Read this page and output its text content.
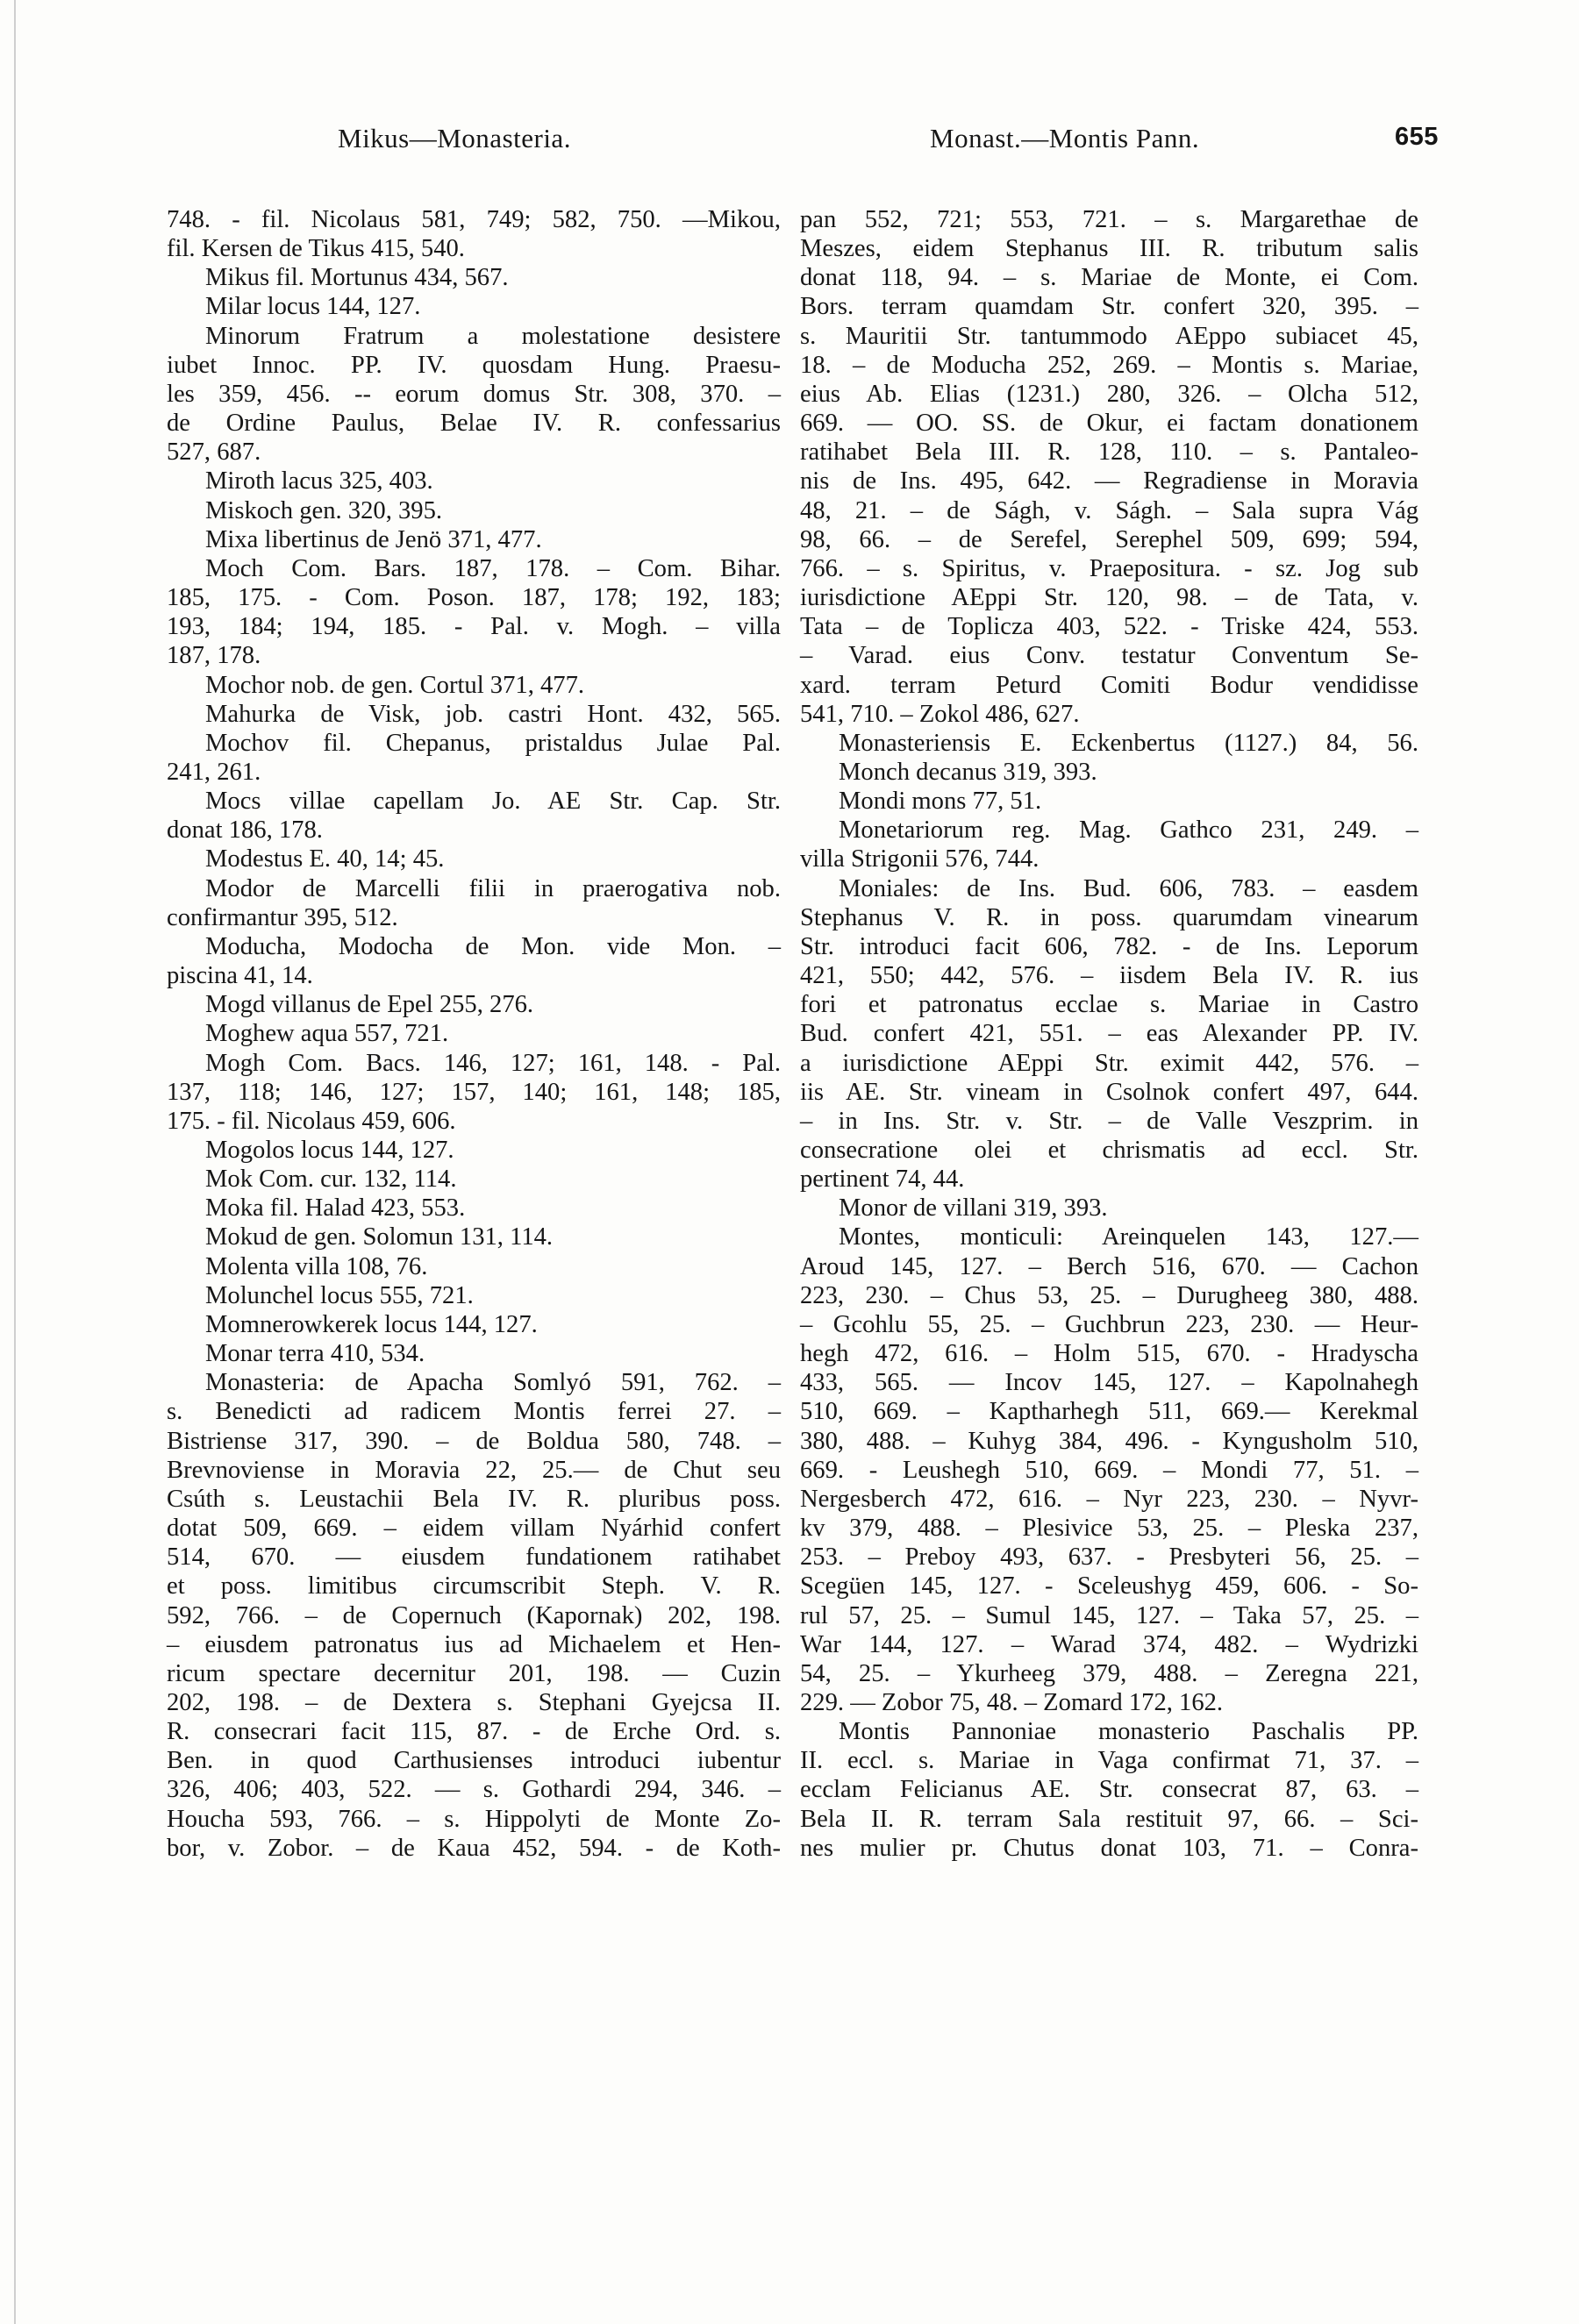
Mikus—Monasteria.	Monast.—Montis Pann.	655
748. - fil. Nicolaus 581, 749; 582, 750. —Mikou,
fil. Kersen de Tikus 415, 540.
Mikus fil. Mortunus 434, 567.
Milar locus 144, 127.
Minorum Fratrum a molestatione desistere
iubet Innoc. PP. IV. quosdam Hung. Praesu-
les 359, 456. -- eorum domus Str. 308, 370. –
de Ordine Paulus, Belae IV. R. confessarius
527, 687.
Miroth lacus 325, 403.
Miskoch gen. 320, 395.
Mixa libertinus de Jenö 371, 477.
Moch Com. Bars. 187, 178. – Com. Bihar.
185, 175. - Com. Poson. 187, 178; 192, 183;
193, 184; 194, 185. - Pal. v. Mogh. – villa
187, 178.
Mochor nob. de gen. Cortul 371, 477.
Mahurka de Visk, job. castri Hont. 432, 565.
Mochov fil. Chepanus, pristaldus Julae Pal.
241, 261.
Mocs villae capellam Jo. AE Str. Cap. Str.
donat 186, 178.
Modestus E. 40, 14; 45.
Modor de Marcelli filii in praerogativa nob.
confirmantur 395, 512.
Moducha, Modocha de Mon. vide Mon. –
piscina 41, 14.
Mogd villanus de Epel 255, 276.
Moghew aqua 557, 721.
Mogh Com. Bacs. 146, 127; 161, 148. - Pal.
137, 118; 146, 127; 157, 140; 161, 148; 185,
175. - fil. Nicolaus 459, 606.
Mogolos locus 144, 127.
Mok Com. cur. 132, 114.
Moka fil. Halad 423, 553.
Mokud de gen. Solomun 131, 114.
Molenta villa 108, 76.
Molunchel locus 555, 721.
Momnerowkerek locus 144, 127.
Monar terra 410, 534.
Monasteria: de Apacha Somlyó 591, 762. –
s. Benedicti ad radicem Montis ferrei 27. –
Bistriense 317, 390. – de Boldua 580, 748. –
Brevnoviense in Moravia 22, 25.— de Chut seu
Csúth s. Leustachii Bela IV. R. pluribus poss.
dotat 509, 669. – eidem villam Nyárhid confert
514, 670. — eiusdem fundationem ratihabet
et poss. limitibus circumscribit Steph. V. R.
592, 766. – de Copernuch (Kapornak) 202, 198.
– eiusdem patronatus ius ad Michaelem et Hen-
ricum spectare decernitur 201, 198. — Cuzin
202, 198. – de Dextera s. Stephani Gyejcsa II.
R. consecrari facit 115, 87. - de Erche Ord. s.
Ben. in quod Carthusienses introduci iubentur
326, 406; 403, 522. — s. Gothardi 294, 346. –
Houcha 593, 766. – s. Hippolyti de Monte Zo-
bor, v. Zobor. – de Kaua 452, 594. - de Koth-
pan 552, 721; 553, 721. – s. Margarethae de
Meszes, eidem Stephanus III. R. tributum salis
donat 118, 94. – s. Mariae de Monte, ei Com.
Bors. terram quamdam Str. confert 320, 395. –
s. Mauritii Str. tantummodo AEppo subiacet 45,
18. – de Moducha 252, 269. – Montis s. Mariae,
eius Ab. Elias (1231.) 280, 326. – Olcha 512,
669. — OO. SS. de Okur, ei factam donationem
ratihabet Bela III. R. 128, 110. – s. Pantaleo-
nis de Ins. 495, 642. — Regradiense in Moravia
48, 21. – de Ságh, v. Ságh. – Sala supra Vág
98, 66. – de Serefel, Serephel 509, 699; 594,
766. – s. Spiritus, v. Praepositura. - sz. Jog sub
iurisdictione AEppi Str. 120, 98. – de Tata, v.
Tata – de Toplicza 403, 522. - Triske 424, 553.
– Varad. eius Conv. testatur Conventum Se-
xard. terram Peturd Comiti Bodur vendidisse
541, 710. – Zokol 486, 627.
Monasteriensis E. Eckenbertus (1127.) 84, 56.
Monch decanus 319, 393.
Mondi mons 77, 51.
Monetariorum reg. Mag. Gathco 231, 249. –
villa Strigonii 576, 744.
Moniales: de Ins. Bud. 606, 783. – easdem
Stephanus V. R. in poss. quarumdam vinearum
Str. introduci facit 606, 782. - de Ins. Leporum
421, 550; 442, 576. – iisdem Bela IV. R. ius
fori et patronatus ecclae s. Mariae in Castro
Bud. confert 421, 551. – eas Alexander PP. IV.
a iurisdictione AEppi Str. eximit 442, 576. –
iis AE. Str. vineam in Csolnok confert 497, 644.
– in Ins. Str. v. Str. – de Valle Veszprim. in
consecratione olei et chrismatis ad eccl. Str.
pertinent 74, 44.
Monor de villani 319, 393.
Montes, monticuli: Areinquelen 143, 127.—
Aroud 145, 127. – Berch 516, 670. — Cachon
223, 230. – Chus 53, 25. – Durugheeg 380, 488.
– Gcohlu 55, 25. – Guchbrun 223, 230. — Heur-
hegh 472, 616. – Holm 515, 670. - Hradyscha
433, 565. — Incov 145, 127. – Kapolnahegh
510, 669. – Kaptharhegh 511, 669.— Kerekmal
380, 488. – Kuhyg 384, 496. - Kyngusholm 510,
669. - Leushegh 510, 669. – Mondi 77, 51. –
Nergesberch 472, 616. – Nyr 223, 230. – Nyvr-
kv 379, 488. – Plesivice 53, 25. – Pleska 237,
253. – Preboy 493, 637. - Presbyteri 56, 25. –
Scegüen 145, 127. - Sceleushyg 459, 606. - So-
rul 57, 25. – Sumul 145, 127. – Taka 57, 25. –
War 144, 127. – Warad 374, 482. – Wydrizki
54, 25. – Ykurheeg 379, 488. – Zeregna 221,
229. — Zobor 75, 48. – Zomard 172, 162.
Montis Pannoniae monasterio Paschalis PP.
II. eccl. s. Mariae in Vaga confirmat 71, 37. –
ecclam Felicianus AE. Str. consecrat 87, 63. –
Bela II. R. terram Sala restituit 97, 66. – Sci-
nes mulier pr. Chutus donat 103, 71. – Conra-
